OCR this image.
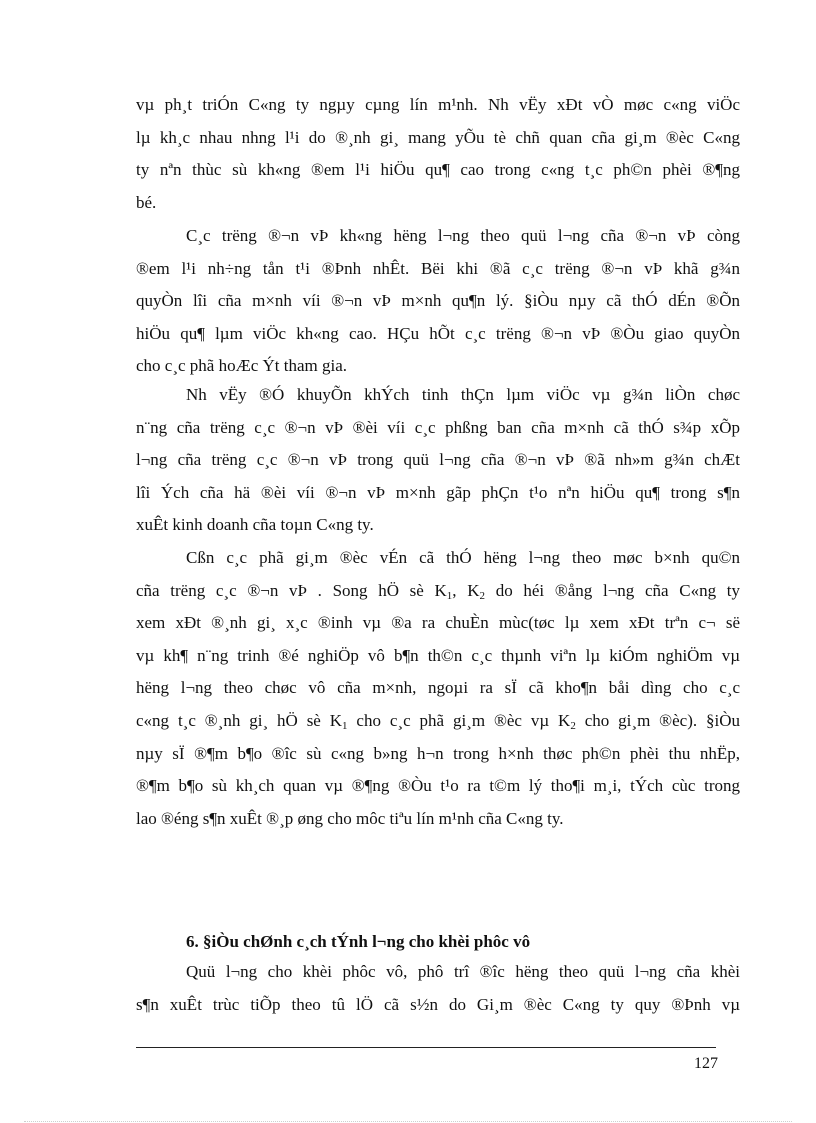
vµ ph¸t triÓn C«ng ty ngµy cµng lín m¹nh. Nh vËy xÐt vÒ møc c«ng viÖc
lµ kh¸c nhau nhng l¹i do ®¸nh gi¸ mang yÕu tè chñ quan cña gi¸m ®èc C«ng
ty nªn thùc sù kh«ng ®em l¹i hiÖu qu¶ cao trong c«ng t¸c ph©n phèi ®¶ng
bé.
C¸c trëng ®¬n vÞ kh«ng hëng l¬ng theo quü l¬ng cña ®¬n vÞ còng
®em l¹i nh÷ng tån t¹i ®Þnh nhÊt. Bëi khi ®ã c¸c trëng ®¬n vÞ khã g¾n
quyÒn lîi cña m×nh víi ®¬n vÞ m×nh qu¶n lý. §iÒu nµy cã thÓ dÉn ®Õn
hiÖu qu¶ lµm viÖc kh«ng cao. HÇu hÕt c¸c trëng ®¬n vÞ ®Òu giao quyÒn
cho c¸c phã hoÆc Ýt tham gia.
Nh vËy ®Ó khuyÕn khÝch tinh thÇn lµm viÖc vµ g¾n liÒn chøc
n¨ng cña trëng c¸c ®¬n vÞ ®èi víi c¸c phßng ban cña m×nh cã thÓ s¾p xÕp
l¬ng cña trëng c¸c ®¬n vÞ trong quü l¬ng cña ®¬n vÞ ®ã nh»m g¾n chÆt
lîi Ých cña hä ®èi víi ®¬n vÞ m×nh gãp phÇn t¹o nªn hiÖu qu¶ trong s¶n
xuÊt kinh doanh cña toµn C«ng ty.
Cßn c¸c phã gi¸m ®èc vÉn cã thÓ hëng l¬ng theo møc b×nh qu©n
cña trëng c¸c ®¬n vÞ . Song hÖ sè $K_1$, $K_2$ do héi ®ång l¬ng cña C«ng ty
xem xÐt ®¸nh gi¸ x¸c ®inh vµ ®a ra chuÈn mùc(tøc lµ xem xÐt trªn c¬ së
vµ kh¶ n¨ng trinh ®é nghiÖp vô b¶n th©n c¸c thµnh viªn lµ kiÓm nghiÖm vµ
hëng l¬ng theo chøc vô cña m×nh, ngoµi ra sÏ cã kho¶n båi dìng cho c¸c
c«ng t¸c ®¸nh gi¸ hÖ sè $K_1$ cho c¸c phã gi¸m ®èc vµ $K_2$ cho gi¸m ®èc). §iÒu
nµy sÏ ®¶m b¶o ®îc sù c«ng b»ng h¬n trong h×nh thøc ph©n phèi thu nhËp,
®¶m b¶o sù kh¸ch quan vµ ®¶ng ®Òu t¹o ra t©m lý tho¶i m¸i, tÝch cùc trong
lao ®éng s¶n xuÊt ®¸p øng cho môc tiªu lín m¹nh cña C«ng ty.
6. §iÒu chØnh c¸ch tÝnh l¬ng cho khèi phôc vô
Quü l¬ng cho khèi phôc vô, phô trî ®îc hëng theo quü l¬ng cña khèi
s¶n xuÊt trùc tiÕp theo tû lÖ cã s½n do Gi¸m ®èc C«ng ty quy ®Þnh vµ
127
